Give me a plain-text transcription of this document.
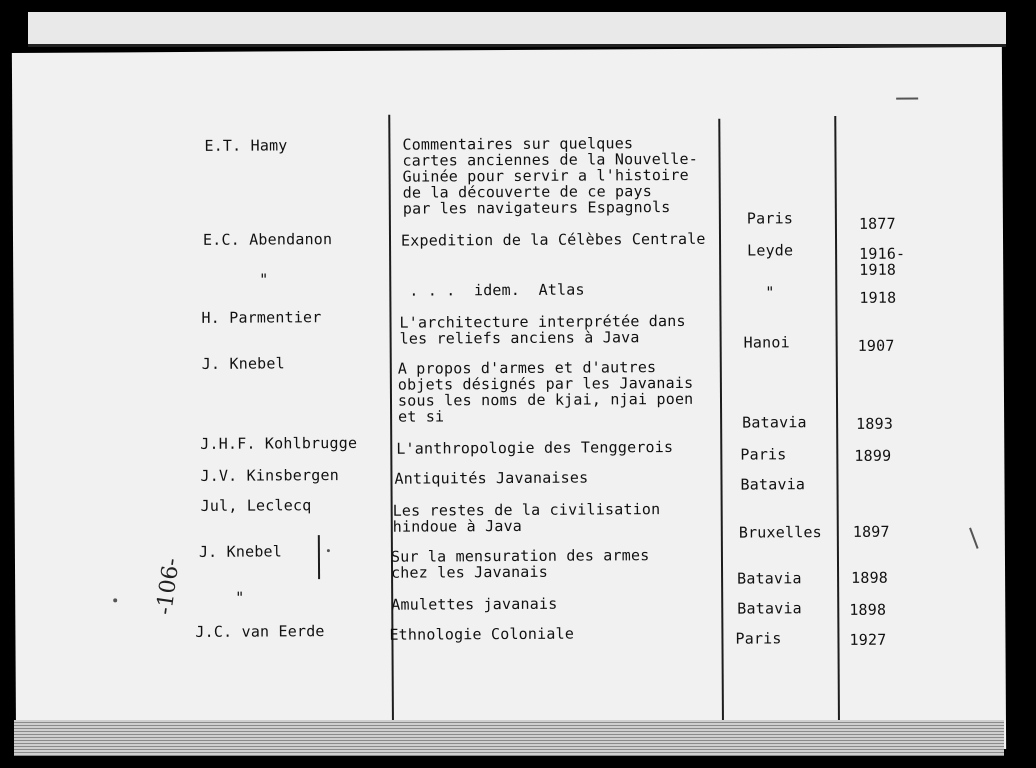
E.T. Hamy
E.C. Abendanon
"
H. Parmentier
J. Knebel
J.H.F. Kohlbrugge
J.V. Kinsbergen
Jul, Leclecq
J. Knebel
"
J.C. van Eerde
Commentaires sur quelques
cartes anciennes de la Nouvelle-
Guinée pour servir a l'histoire
de la découverte de ce pays
par les navigateurs Espagnols
Expedition de la Célèbes Centrale
. . .  idem.  Atlas
L'architecture interprétée dans
les reliefs anciens à Java
A propos d'armes et d'autres
objets désignés par les Javanais
sous les noms de kjai, njai poen
et si
L'anthropologie des Tenggerois
Antiquités Javanaises
Les restes de la civilisation
hindoue à Java
Sur la mensuration des armes
chez les Javanais
Amulettes javanais
Ethnologie Coloniale
Paris
Leyde
"
Hanoi
Batavia
Paris
Batavia
Bruxelles
Batavia
Batavia
Paris
1877
1916-
1918
1918
1907
1893
1899
1897
1898
1898
1927
-106-
